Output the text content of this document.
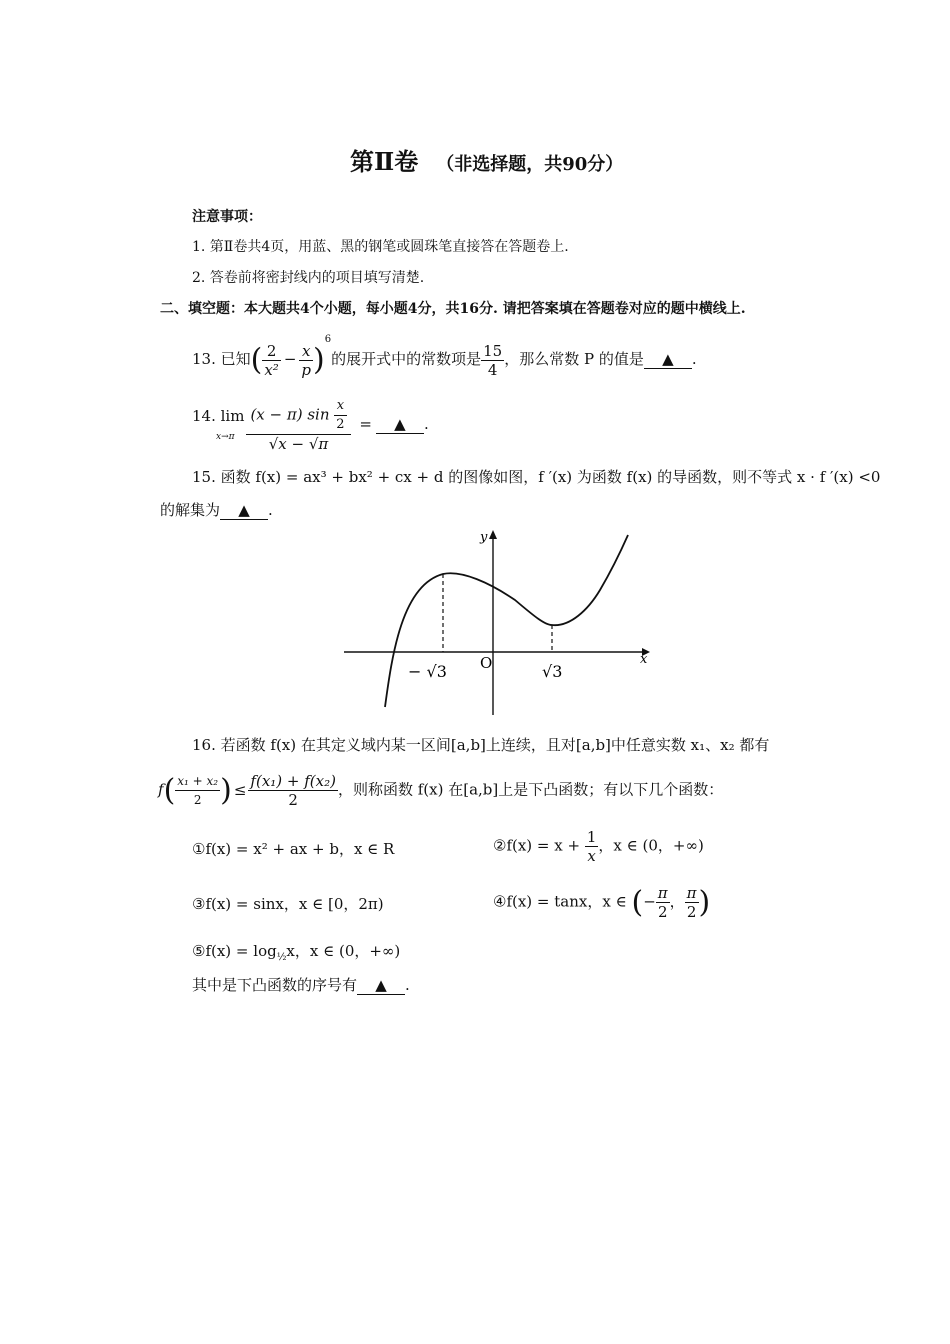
第Ⅱ卷 （非选择题，共90分）
注意事项：
1. 第Ⅱ卷共4页，用蓝、黑的钢笔或圆珠笔直接答在答题卷上.
2. 答卷前将密封线内的项目填写清楚.
二、填空题：本大题共4个小题，每小题4分，共16分. 请把答案填在答题卷对应的题中横线上.
13. 已知( $\frac{2}{\text{x²}} - \frac{x}{p} )^6$的展开式中的常数项是 $\frac{15}{4}$ ，那么常数 P 的值是 ▲ .
14. lim
$x\to\pi \frac{(x - \pi) \sin \frac{x}{2}}{√x - √\pi}$ = ▲ .
15. 函数 f(x) = ax³ + bx² + cx + d 的图像如图，f ′(x) 为函数 f(x) 的导函数，则不等式 x · f ′(x) <0
的解集为 ▲ .
y
x
O
− √3	√3
16. 若函数 f(x) 在其定义域内某一区间[a,b]上连续，且对[a,b]中任意实数 x₁、x₂ 都有
$f( \frac{\text{x₁ + x₂}}{2}$ ) ≤ $\frac{\text{f(x₁) + f(x₂)}}{2}$ ，则称函数 f(x) 在[a,b]上是下凸函数；有以下几个函数：
①f(x) = x² + ax + b，x ∈ R	②f(x) = $x + \frac{1}{x}$ ，x ∈ (0，+∞)
③f(x) = sinx，x ∈ [0，2π)	④f(x) = tanx，x ∈ (− $\frac{\pi}{2}$ ， $\frac{\pi}{2}$ )
⑤f(x) = $\log_{\frac{1}{2}}x$，x ∈ (0，+∞)
其中是下凸函数的序号有 ▲ .
